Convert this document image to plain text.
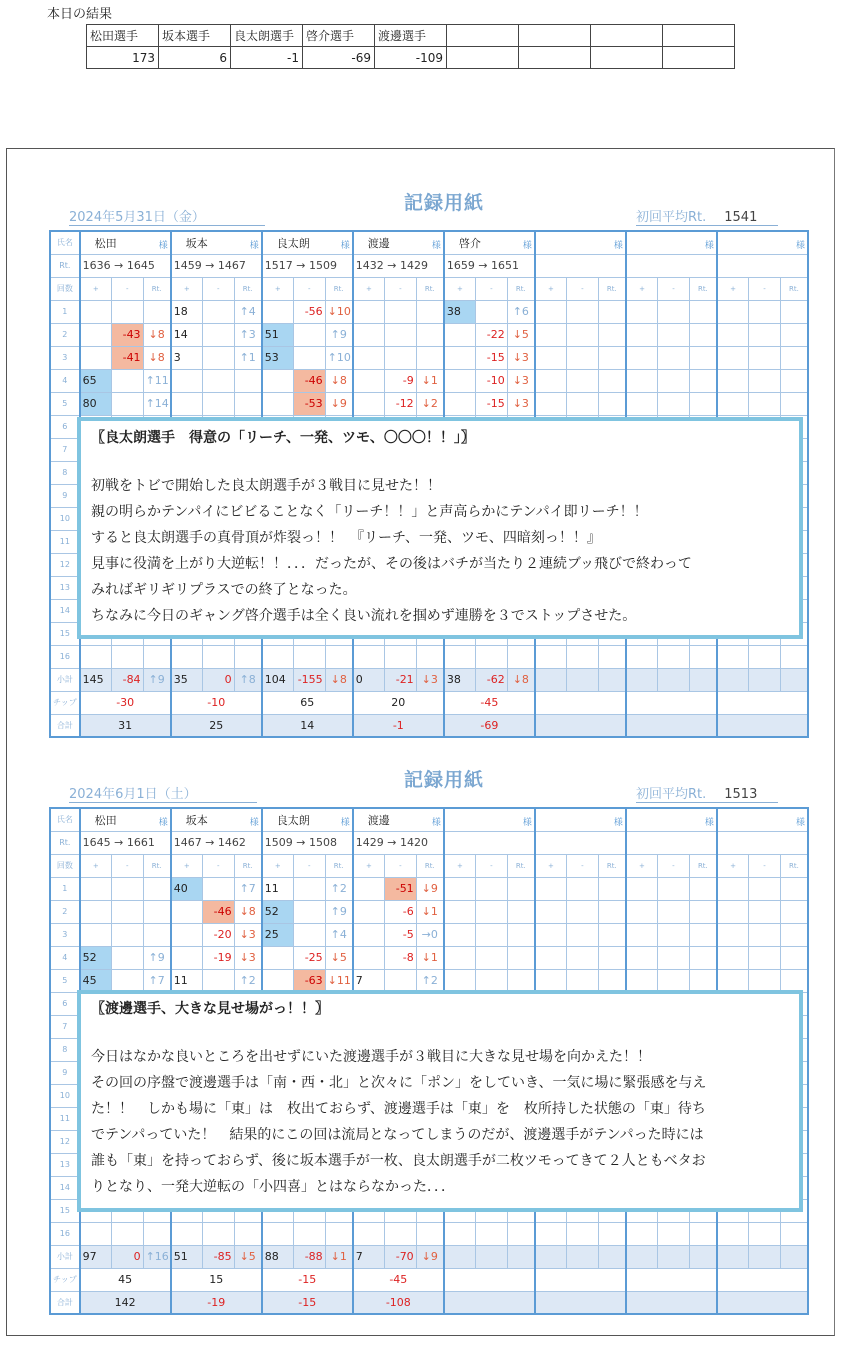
本日の結果
松田選手	坂本選手	良太朗選手	啓介選手	渡邊選手				
173	6	-1	-69	-109				
記録用紙
2024年5月31日（金）	初回平均Rt. 1541
氏名	松田 様			坂本 様			良太朗 様			渡邊 様			啓介 様			様			様			様		

Rt.	1636 → 1645			1459 → 1467			1517 → 1509			1432 → 1429			1659 → 1651											
回数	+	-	Rt.	+	-	Rt.	+	-	Rt.	+	-	Rt.	+	-	Rt.	+	-	Rt.	+	-	Rt.	+	-	Rt.
1				18		↑4		-56	↓10				38		↑6									
2		-43	↓8	14		↑3	51		↑9					-22	↓5									
3		-41	↓8	3		↑1	53		↑10					-15	↓3									
4	65		↑11					-46	↓8		-9	↓1		-10	↓3									
5	80		↑14					-53	↓9		-12	↓2		-15	↓3									
6																								
7																								
8																								
9																								
10																								
11																								
12																								
13																								
14																								
15																								
16																								
小計	145	-84	↑9	35	0	↑8	104	-155	↓8	0	-21	↓3	38	-62	↓8									
チップ	-30			-10			65			20			-45											
合計	31			25			14			-1			-69											
〖良太朗選手　得意の「リーチ、一発、ツモ、〇〇〇！！」〗
初戦をトビで開始した良太朗選手が３戦目に見せた！！
親の明らかテンパイにビビることなく「リーチ！！」と声高らかにテンパイ即リーチ！！
すると良太朗選手の真骨頂が炸裂っ！！　『リーチ、一発、ツモ、四暗刻っ！！』
見事に役満を上がり大逆転！！．．．だったが、その後はバチが当たり２連続ブッ飛びで終わって
みればギリギリプラスでの終了となった。
ちなみに今日のギャング啓介選手は全く良い流れを掴めず連勝を３でストップさせた。
記録用紙
2024年6月1日（土）	初回平均Rt. 1513
氏名	松田 様			坂本 様			良太朗 様			渡邊 様			様			様			様			様		

Rt.	1645 → 1661			1467 → 1462			1509 → 1508			1429 → 1420														
回数	+	-	Rt.	+	-	Rt.	+	-	Rt.	+	-	Rt.	+	-	Rt.	+	-	Rt.	+	-	Rt.	+	-	Rt.
1				40		↑7	11		↑2		-51	↓9												
2					-46	↓8	52		↑9		-6	↓1												
3					-20	↓3	25		↑4		-5	→0												
4	52		↑9		-19	↓3		-25	↓5		-8	↓1												
5	45		↑7	11		↑2		-63	↓11	7		↑2												
6																								
7																								
8																								
9																								
10																								
11																								
12																								
13																								
14																								
15																								
16																								
小計	97	0	↑16	51	-85	↓5	88	-88	↓1	7	-70	↓9												
チップ	45			15			-15			-45														
合計	142			-19			-15			-108														
〖渡邊選手、大きな見せ場がっ！！〗
今日はなかな良いところを出せずにいた渡邊選手が３戦目に大きな見せ場を向かえた！！
その回の序盤で渡邊選手は「南・西・北」と次々に「ポン」をしていき、一気に場に緊張感を与え
た！！　しかも場に「東」は　枚出ておらず、渡邊選手は「東」を　枚所持した状態の「東」待ち
でテンパっていた！　結果的にこの回は流局となってしまうのだが、渡邊選手がテンパった時には
誰も「東」を持っておらず、後に坂本選手が一枚、良太朗選手が二枚ツモってきて２人ともベタお
りとなり、一発大逆転の「小四喜」とはならなかった．．．
